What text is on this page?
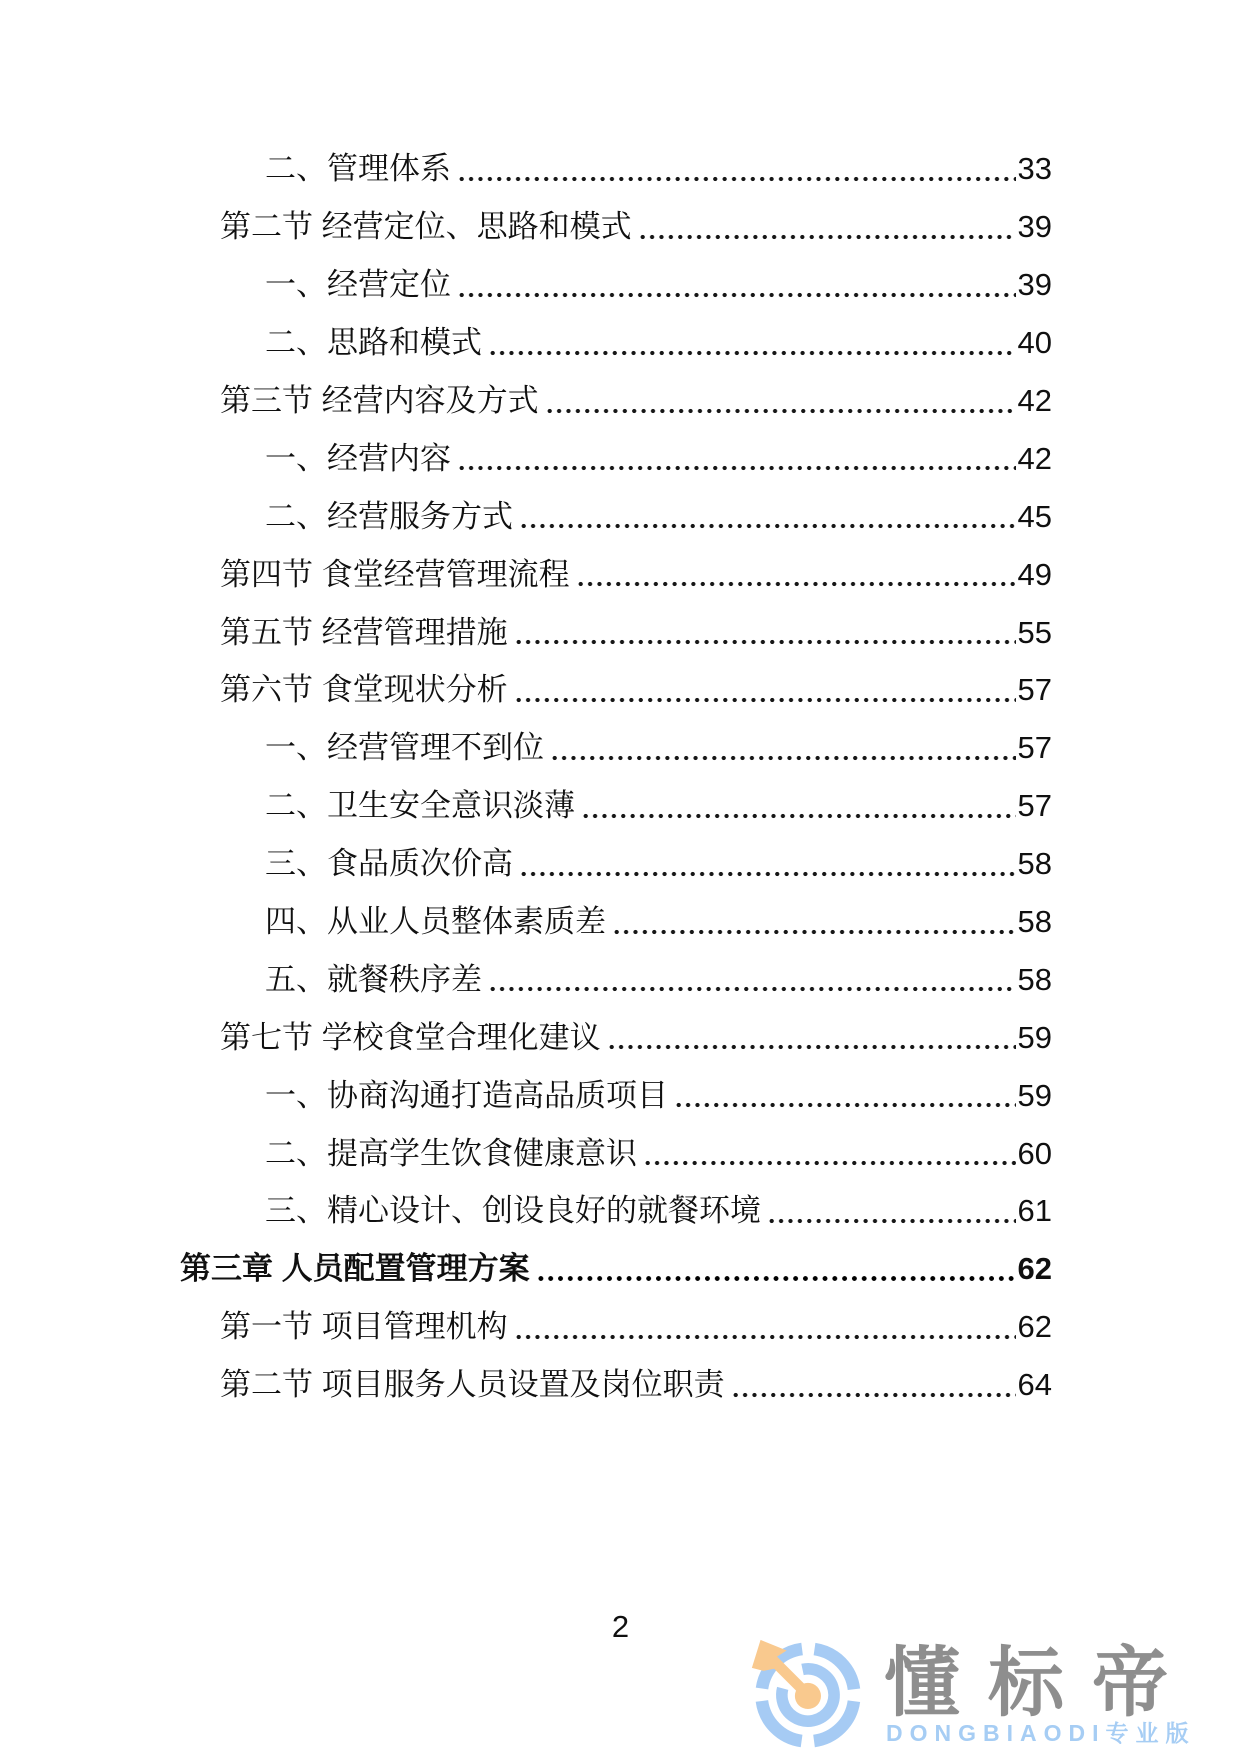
二、管理体系	33
第二节 经营定位、思路和模式	39
一、经营定位	39
二、思路和模式	40
第三节 经营内容及方式	42
一、经营内容	42
二、经营服务方式	45
第四节 食堂经营管理流程	49
第五节 经营管理措施	55
第六节 食堂现状分析	57
一、经营管理不到位	57
二、卫生安全意识淡薄	57
三、食品质次价高	58
四、从业人员整体素质差	58
五、就餐秩序差	58
第七节 学校食堂合理化建议	59
一、协商沟通打造高品质项目	59
二、提高学生饮食健康意识	60
三、精心设计、创设良好的就餐环境	61
第三章 人员配置管理方案	62
第一节 项目管理机构	62
第二节 项目服务人员设置及岗位职责	64
2
懂标帝
DONGBIAODI专业版
